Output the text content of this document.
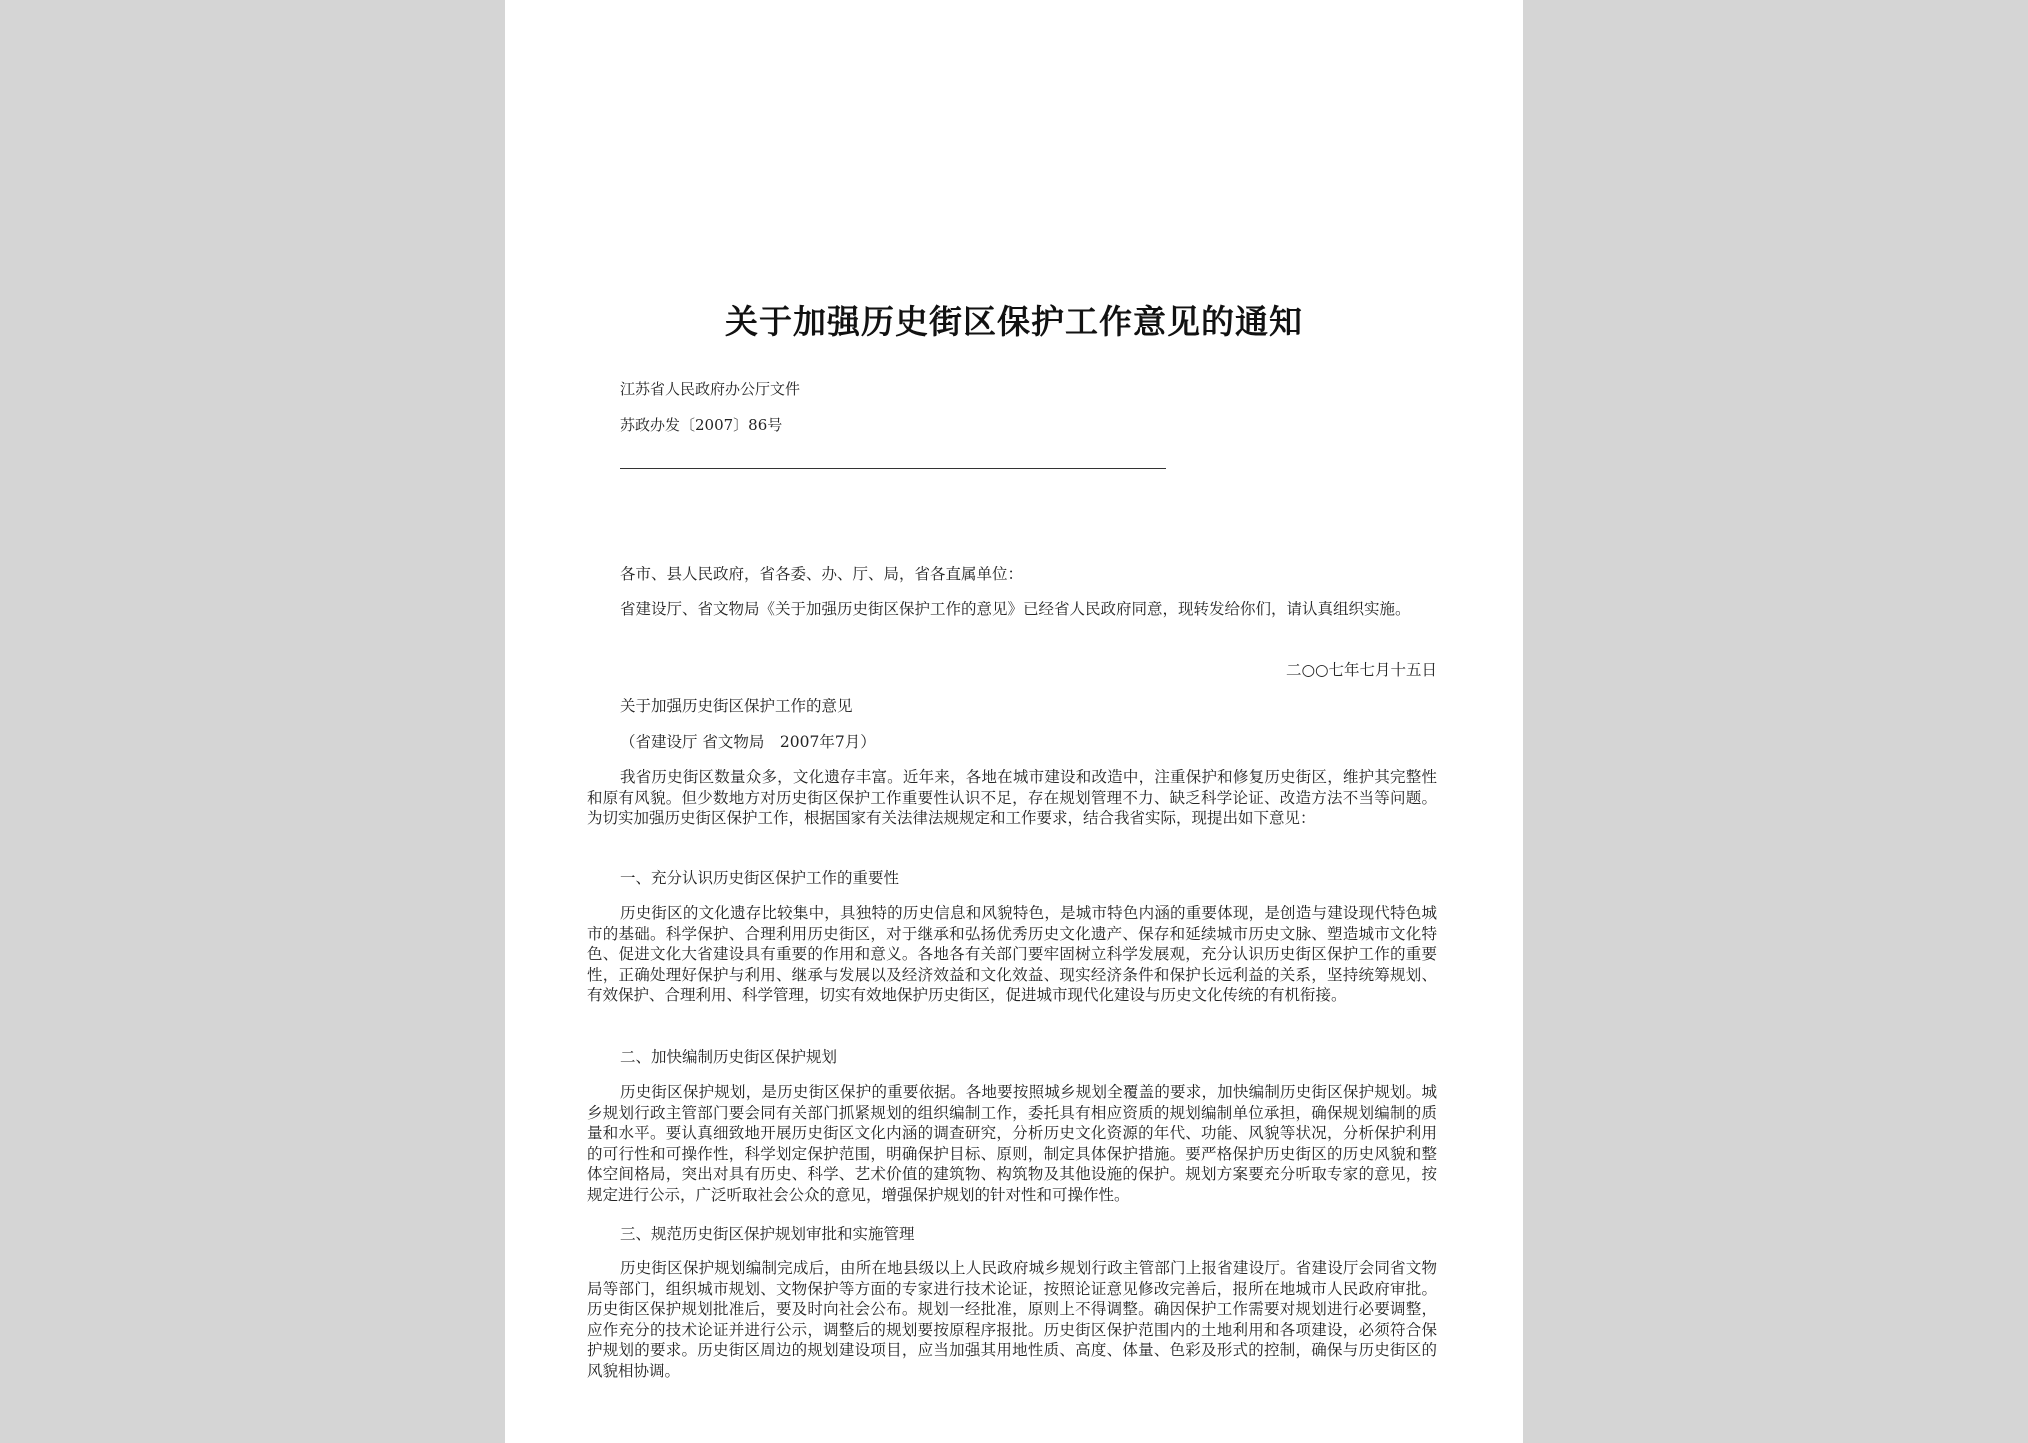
关于加强历史街区保护工作意见的通知
江苏省人民政府办公厅文件
苏政办发〔2007〕86号
各市、县人民政府，省各委、办、厅、局，省各直属单位：

省建设厅、省文物局《关于加强历史街区保护工作的意见》已经省人民政府同意，现转发给你们，请认真组织实施。

二○○七年七月十五日
关于加强历史街区保护工作的意见
（省建设厅 省文物局　2007年7月）

我省历史街区数量众多，文化遗存丰富。近年来，各地在城市建设和改造中，注重保护和修复历史街区，维护其完整性和原有风貌。但少数地方对历史街区保护工作重要性认识不足，存在规划管理不力、缺乏科学论证、改造方法不当等问题。为切实加强历史街区保护工作，根据国家有关法律法规规定和工作要求，结合我省实际，现提出如下意见：

一、充分认识历史街区保护工作的重要性

历史街区的文化遗存比较集中，具独特的历史信息和风貌特色，是城市特色内涵的重要体现，是创造与建设现代特色城市的基础。科学保护、合理利用历史街区，对于继承和弘扬优秀历史文化遗产、保存和延续城市历史文脉、塑造城市文化特色、促进文化大省建设具有重要的作用和意义。各地各有关部门要牢固树立科学发展观，充分认识历史街区保护工作的重要性，正确处理好保护与利用、继承与发展以及经济效益和文化效益、现实经济条件和保护长远利益的关系，坚持统筹规划、有效保护、合理利用、科学管理，切实有效地保护历史街区，促进城市现代化建设与历史文化传统的有机衔接。

二、加快编制历史街区保护规划

历史街区保护规划，是历史街区保护的重要依据。各地要按照城乡规划全覆盖的要求，加快编制历史街区保护规划。城乡规划行政主管部门要会同有关部门抓紧规划的组织编制工作，委托具有相应资质的规划编制单位承担，确保规划编制的质量和水平。要认真细致地开展历史街区文化内涵的调查研究，分析历史文化资源的年代、功能、风貌等状况，分析保护利用的可行性和可操作性，科学划定保护范围，明确保护目标、原则，制定具体保护措施。要严格保护历史街区的历史风貌和整体空间格局，突出对具有历史、科学、艺术价值的建筑物、构筑物及其他设施的保护。规划方案要充分听取专家的意见，按规定进行公示，广泛听取社会公众的意见，增强保护规划的针对性和可操作性。

三、规范历史街区保护规划审批和实施管理

历史街区保护规划编制完成后，由所在地县级以上人民政府城乡规划行政主管部门上报省建设厅。省建设厅会同省文物局等部门，组织城市规划、文物保护等方面的专家进行技术论证，按照论证意见修改完善后，报所在地城市人民政府审批。历史街区保护规划批准后，要及时向社会公布。规划一经批准，原则上不得调整。确因保护工作需要对规划进行必要调整，应作充分的技术论证并进行公示，调整后的规划要按原程序报批。历史街区保护范围内的土地利用和各项建设，必须符合保护规划的要求。历史街区周边的规划建设项目，应当加强其用地性质、高度、体量、色彩及形式的控制，确保与历史街区的风貌相协调。
